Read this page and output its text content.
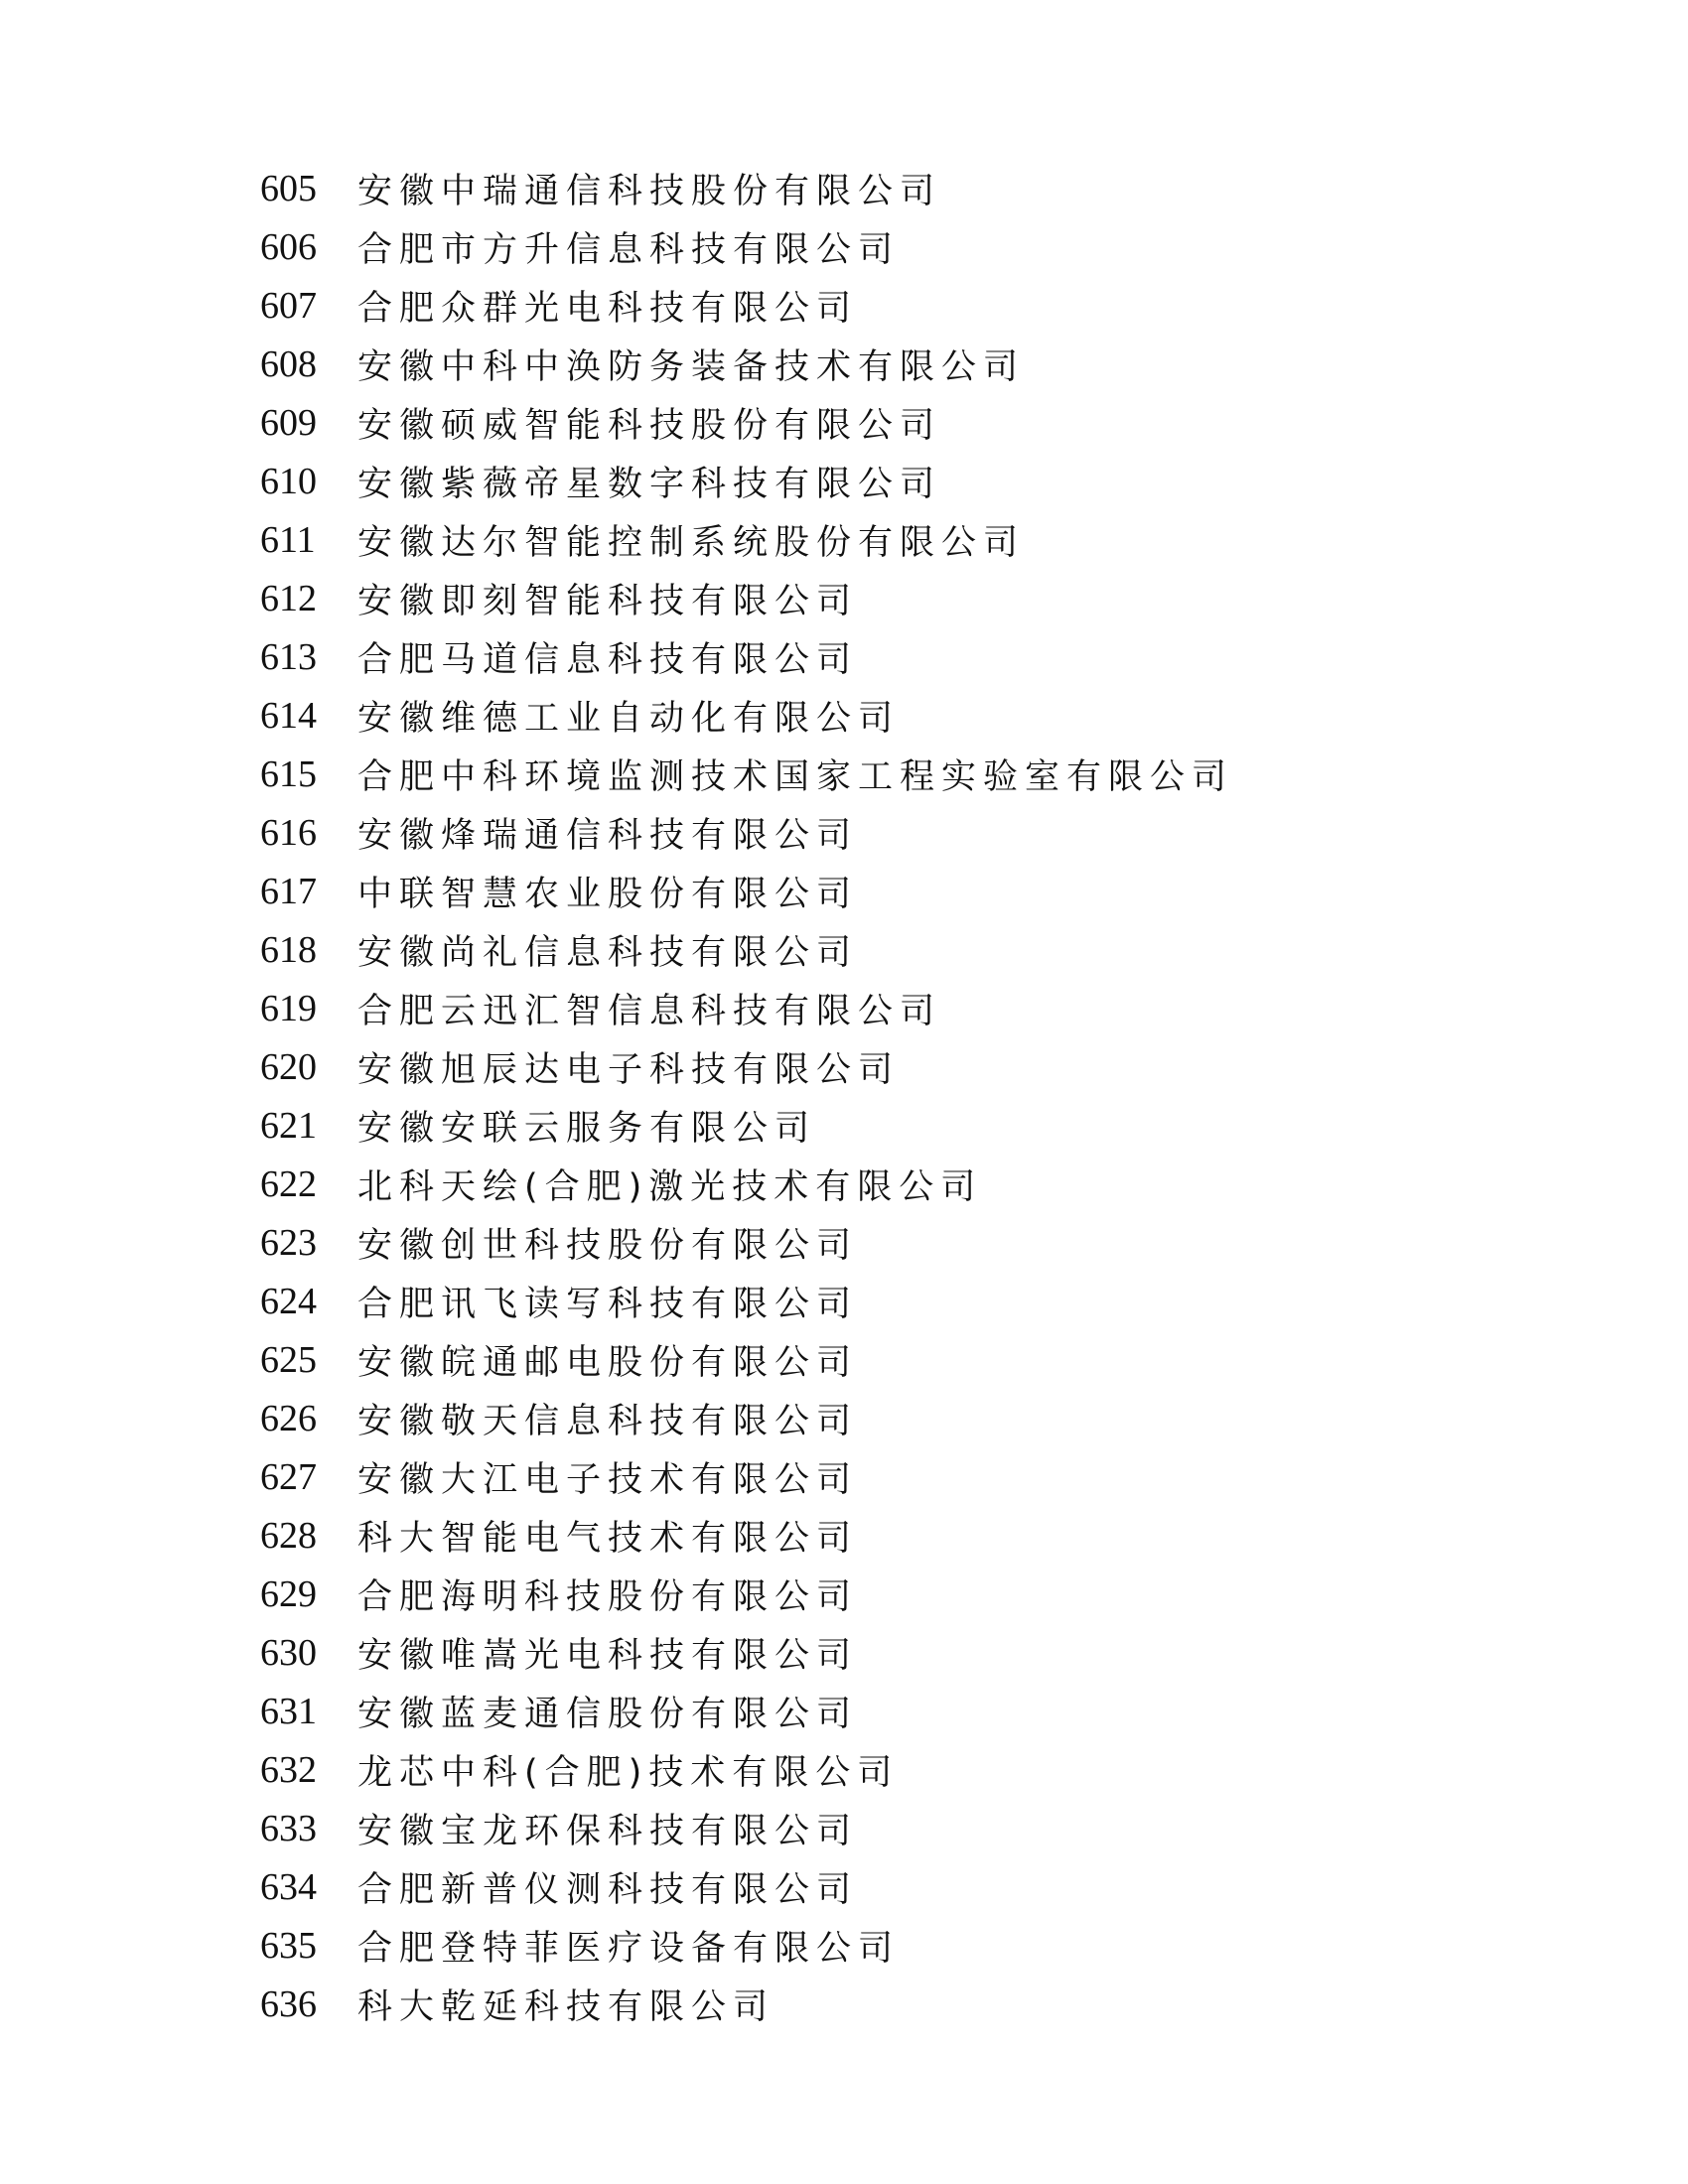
605	安徽中瑞通信科技股份有限公司
606	合肥市方升信息科技有限公司
607	合肥众群光电科技有限公司
608	安徽中科中涣防务装备技术有限公司
609	安徽硕威智能科技股份有限公司
610	安徽紫薇帝星数字科技有限公司
611	安徽达尔智能控制系统股份有限公司
612	安徽即刻智能科技有限公司
613	合肥马道信息科技有限公司
614	安徽维德工业自动化有限公司
615	合肥中科环境监测技术国家工程实验室有限公司
616	安徽烽瑞通信科技有限公司
617	中联智慧农业股份有限公司
618	安徽尚礼信息科技有限公司
619	合肥云迅汇智信息科技有限公司
620	安徽旭辰达电子科技有限公司
621	安徽安联云服务有限公司
622	北科天绘(合肥)激光技术有限公司
623	安徽创世科技股份有限公司
624	合肥讯飞读写科技有限公司
625	安徽皖通邮电股份有限公司
626	安徽敬天信息科技有限公司
627	安徽大江电子技术有限公司
628	科大智能电气技术有限公司
629	合肥海明科技股份有限公司
630	安徽唯嵩光电科技有限公司
631	安徽蓝麦通信股份有限公司
632	龙芯中科(合肥)技术有限公司
633	安徽宝龙环保科技有限公司
634	合肥新普仪测科技有限公司
635	合肥登特菲医疗设备有限公司
636	科大乾延科技有限公司
